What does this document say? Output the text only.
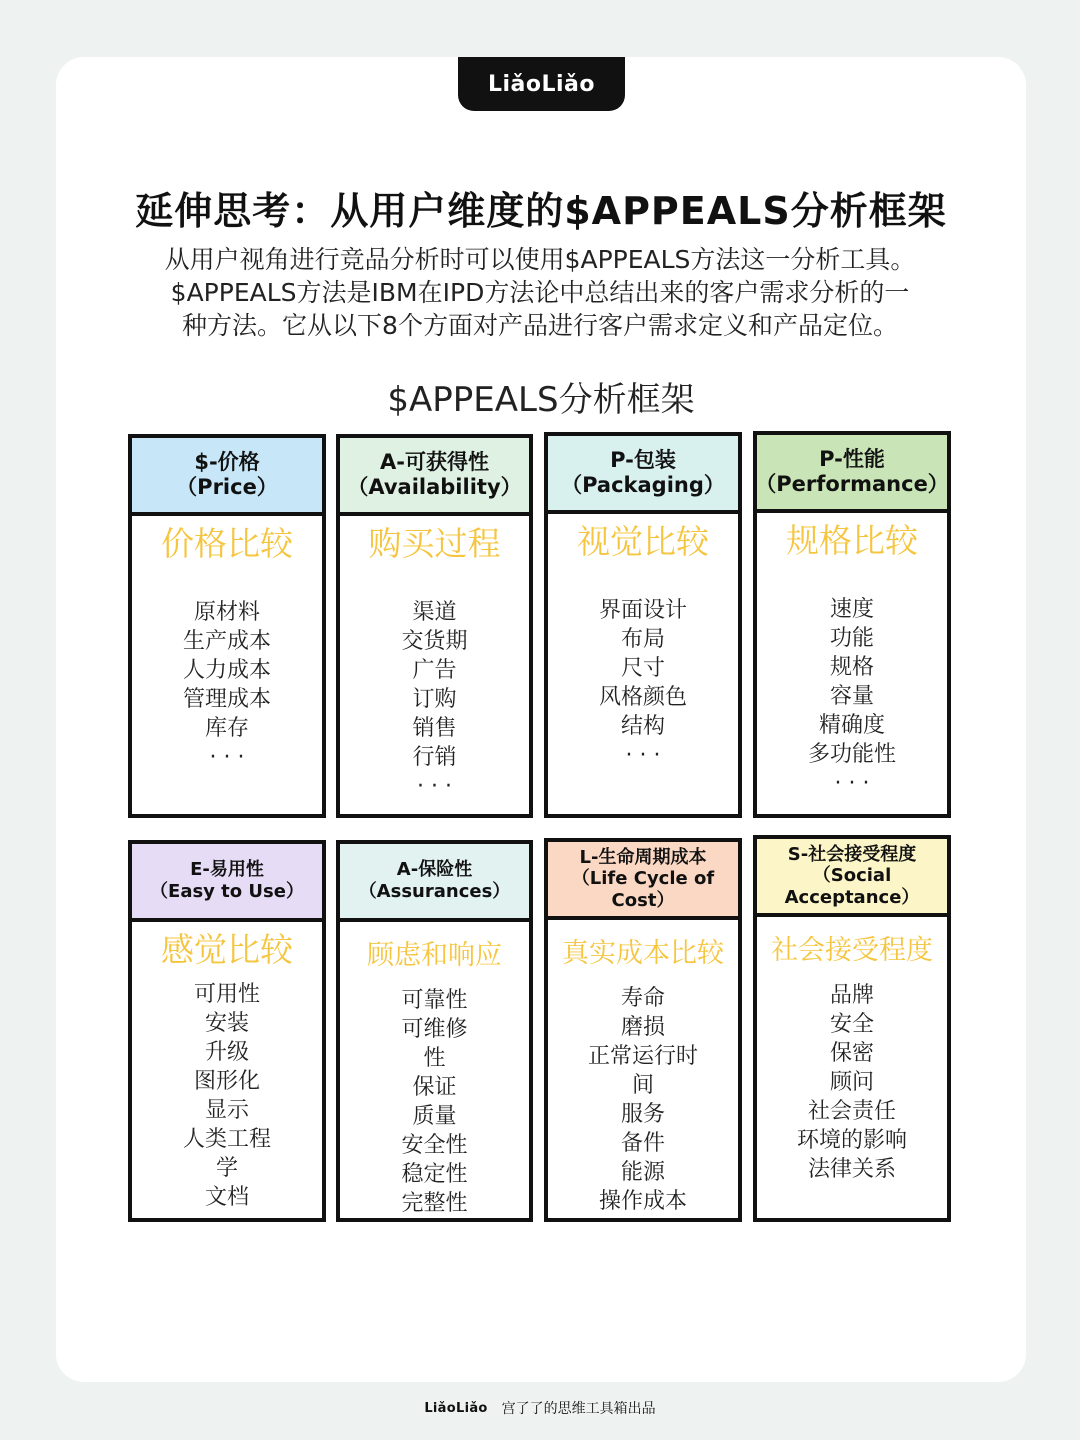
LiǎoLiǎo
延伸思考：从用户维度的$APPEALS分析框架
从用户视角进行竞品分析时可以使用$APPEALS方法这一分析工具。
$APPEALS方法是IBM在IPD方法论中总结出来的客户需求分析的一
种方法。它从以下8个方面对产品进行客户需求定义和产品定位。
$APPEALS分析框架
$-价格
（Price）
价格比较
原材料
生产成本
人力成本
管理成本
库存
· · ·
A-可获得性
（Availability）
购买过程
渠道
交货期
广告
订购
销售
行销
· · ·
P-包装
（Packaging）
视觉比较
界面设计
布局
尺寸
风格颜色
结构
· · ·
P-性能
（Performance）
规格比较
速度
功能
规格
容量
精确度
多功能性
· · ·
E-易用性
（Easy to Use）
感觉比较
可用性
安装
升级
图形化
显示
人类工程
学
文档
A-保险性
（Assurances）
顾虑和响应
可靠性
可维修
性
保证
质量
安全性
稳定性
完整性
L-生命周期成本
（Life Cycle of Cost）
真实成本比较
寿命
磨损
正常运行时
间
服务
备件
能源
操作成本
S-社会接受程度
（Social Acceptance）
社会接受程度
品牌
安全
保密
顾问
社会责任
环境的影响
法律关系
LiǎoLiǎo 宫了了的思维工具箱出品
